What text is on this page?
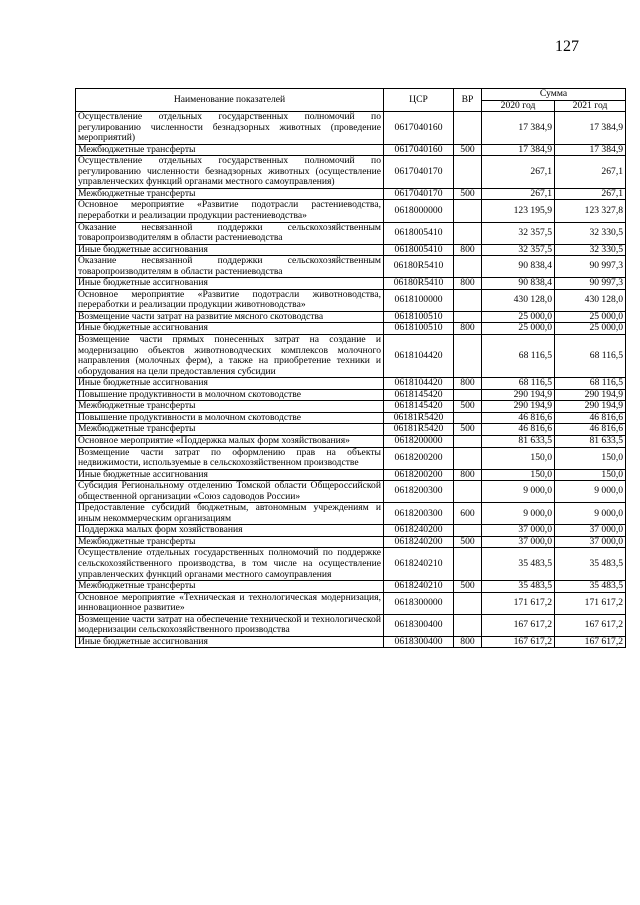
127
Наименование показателей	ЦСР	ВР	Сумма	
			2020 год	2021 год
Осуществление отдельных государственных полномочий по регулированию численности безнадзорных животных (проведение мероприятий)	0617040160		17 384,9	17 384,9
Межбюджетные трансферты	0617040160	500	17 384,9	17 384,9
Осуществление отдельных государственных полномочий по регулированию численности безнадзорных животных (осуществление управленческих функций органами местного самоуправления)	0617040170		267,1	267,1
Межбюджетные трансферты	0617040170	500	267,1	267,1
Основное мероприятие «Развитие подотрасли растениеводства, переработки и реализации продукции растениеводства»	0618000000		123 195,9	123 327,8
Оказание несвязанной поддержки сельскохозяйственным товаропроизводителям в области растениеводства	0618005410		32 357,5	32 330,5
Иные бюджетные ассигнования	0618005410	800	32 357,5	32 330,5
Оказание несвязанной поддержки сельскохозяйственным товаропроизводителям в области растениеводства	06180R5410		90 838,4	90 997,3
Иные бюджетные ассигнования	06180R5410	800	90 838,4	90 997,3
Основное мероприятие «Развитие подотрасли животноводства, переработки и реализации продукции животноводства»	0618100000		430 128,0	430 128,0
Возмещение части затрат на развитие мясного скотоводства	0618100510		25 000,0	25 000,0
Иные бюджетные ассигнования	0618100510	800	25 000,0	25 000,0
Возмещение части прямых понесенных затрат на создание и модернизацию объектов животноводческих комплексов молочного направления (молочных ферм), а также на приобретение техники и оборудования на цели предоставления субсидии	0618104420		68 116,5	68 116,5
Иные бюджетные ассигнования	0618104420	800	68 116,5	68 116,5
Повышение продуктивности в молочном скотоводстве	0618145420		290 194,9	290 194,9
Межбюджетные трансферты	0618145420	500	290 194,9	290 194,9
Повышение продуктивности в молочном скотоводстве	06181R5420		46 816,6	46 816,6
Межбюджетные трансферты	06181R5420	500	46 816,6	46 816,6
Основное мероприятие «Поддержка малых форм хозяйствования»	0618200000		81 633,5	81 633,5
Возмещение части затрат по оформлению прав на объекты недвижимости, используемые в сельскохозяйственном производстве	0618200200		150,0	150,0
Иные бюджетные ассигнования	0618200200	800	150,0	150,0
Субсидия Региональному отделению Томской области Общероссийской общественной организации «Союз садоводов России»	0618200300		9 000,0	9 000,0
Предоставление субсидий бюджетным, автономным учреждениям и иным некоммерческим организациям	0618200300	600	9 000,0	9 000,0
Поддержка малых форм хозяйствования	0618240200		37 000,0	37 000,0
Межбюджетные трансферты	0618240200	500	37 000,0	37 000,0
Осуществление отдельных государственных полномочий по поддержке сельскохозяйственного производства, в том числе на осуществление управленческих функций органами местного самоуправления	0618240210		35 483,5	35 483,5
Межбюджетные трансферты	0618240210	500	35 483,5	35 483,5
Основное мероприятие «Техническая и технологическая модернизация, инновационное развитие»	0618300000		171 617,2	171 617,2
Возмещение части затрат на обеспечение технической и технологической модернизации сельскохозяйственного производства	0618300400		167 617,2	167 617,2
Иные бюджетные ассигнования	0618300400	800	167 617,2	167 617,2
